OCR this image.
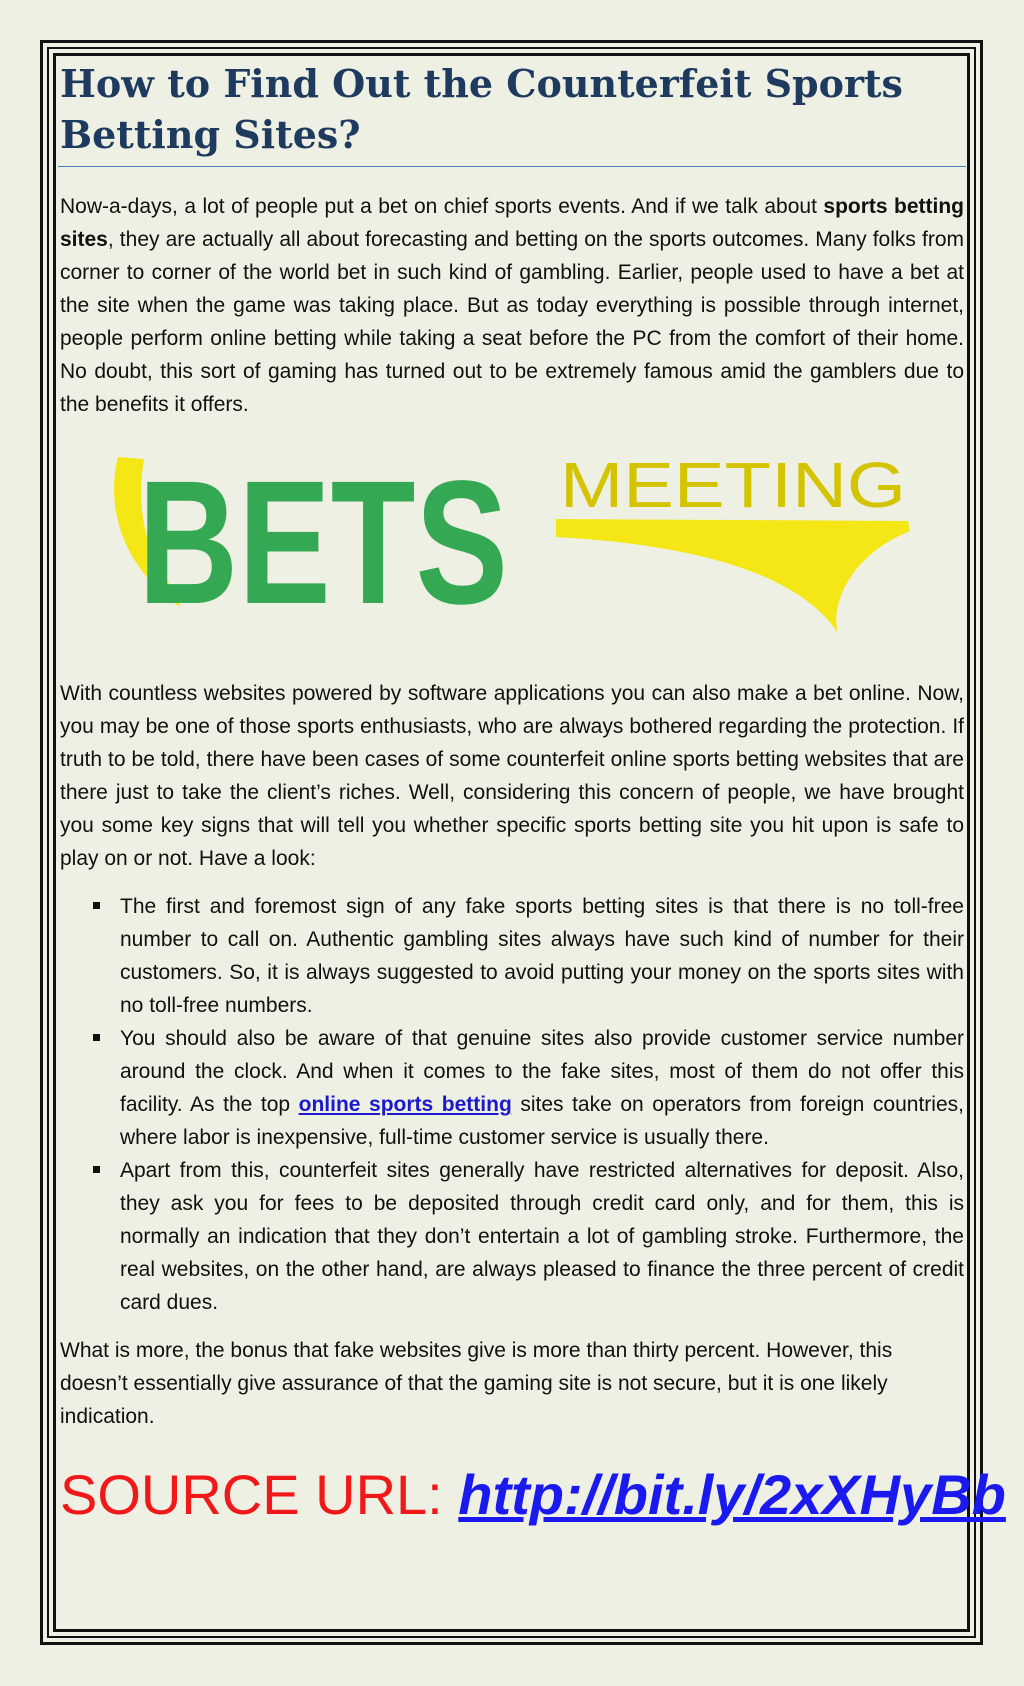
How to Find Out the Counterfeit Sports Betting Sites?

Now-a-days, a lot of people put a bet on chief sports events. And if we talk about sports betting sites, they are actually all about forecasting and betting on the sports outcomes. Many folks from corner to corner of the world bet in such kind of gambling. Earlier, people used to have a bet at the site when the game was taking place. But as today everything is possible through internet, people perform online betting while taking a seat before the PC from the comfort of their home. No doubt, this sort of gaming has turned out to be extremely famous amid the gamblers due to the benefits it offers.

BETS MEETING

With countless websites powered by software applications you can also make a bet online. Now, you may be one of those sports enthusiasts, who are always bothered regarding the protection. If truth to be told, there have been cases of some counterfeit online sports betting websites that are there just to take the client’s riches. Well, considering this concern of people, we have brought you some key signs that will tell you whether specific sports betting site you hit upon is safe to play on or not. Have a look:

The first and foremost sign of any fake sports betting sites is that there is no toll-free number to call on. Authentic gambling sites always have such kind of number for their customers. So, it is always suggested to avoid putting your money on the sports sites with no toll-free numbers.
You should also be aware of that genuine sites also provide customer service number around the clock. And when it comes to the fake sites, most of them do not offer this facility. As the top online sports betting sites take on operators from foreign countries, where labor is inexpensive, full-time customer service is usually there.
Apart from this, counterfeit sites generally have restricted alternatives for deposit. Also, they ask you for fees to be deposited through credit card only, and for them, this is normally an indication that they don’t entertain a lot of gambling stroke. Furthermore, the real websites, on the other hand, are always pleased to finance the three percent of credit card dues.

What is more, the bonus that fake websites give is more than thirty percent. However, this doesn’t essentially give assurance of that the gaming site is not secure, but it is one likely indication.

SOURCE URL: http://bit.ly/2xXHyBb
